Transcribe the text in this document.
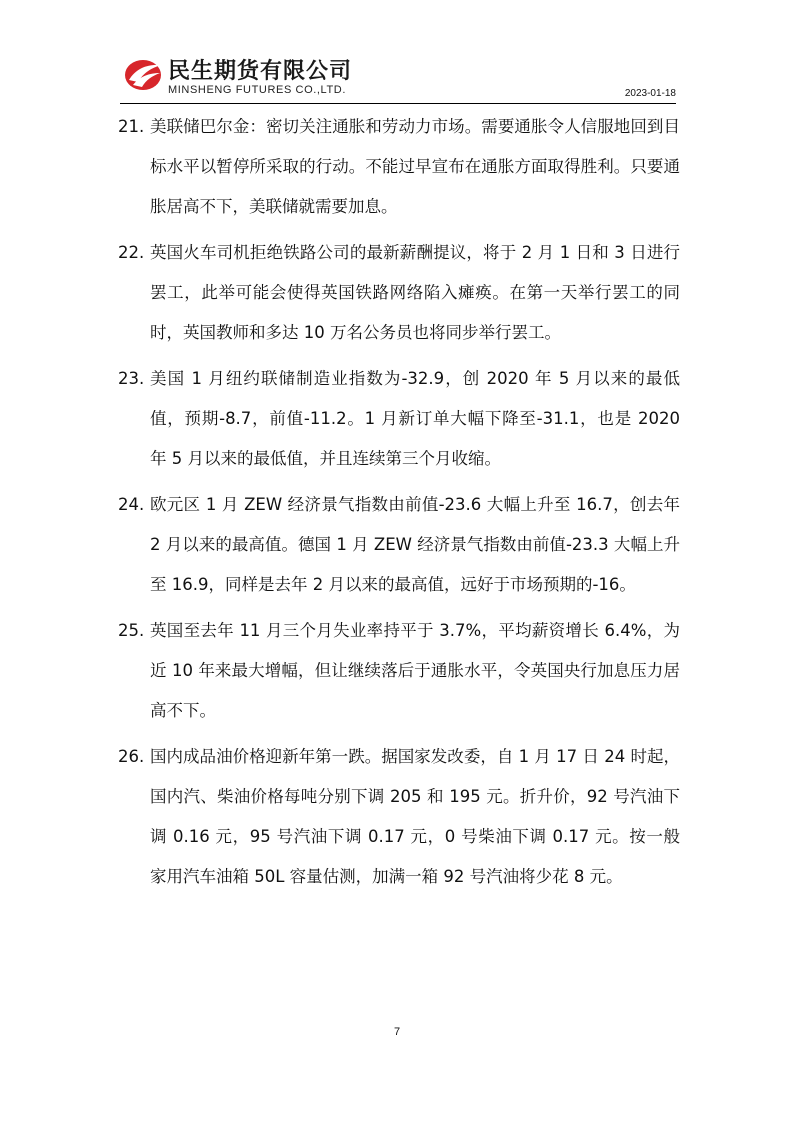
民生期货有限公司
MINSHENG FUTURES CO.,LTD.	2023-01-18
21. 美联储巴尔金：密切关注通胀和劳动力市场。需要通胀令人信服地回到目标水平以暂停所采取的行动。不能过早宣布在通胀方面取得胜利。只要通胀居高不下，美联储就需要加息。
22. 英国火车司机拒绝铁路公司的最新薪酬提议，将于 2 月 1 日和 3 日进行罢工，此举可能会使得英国铁路网络陷入瘫痪。在第一天举行罢工的同时，英国教师和多达 10 万名公务员也将同步举行罢工。
23. 美国 1 月纽约联储制造业指数为-32.9，创 2020 年 5 月以来的最低值，预期-8.7，前值-11.2。1 月新订单大幅下降至-31.1，也是 2020 年 5 月以来的最低值，并且连续第三个月收缩。
24. 欧元区 1 月 ZEW 经济景气指数由前值-23.6 大幅上升至 16.7，创去年 2 月以来的最高值。德国 1 月 ZEW 经济景气指数由前值-23.3 大幅上升至 16.9，同样是去年 2 月以来的最高值，远好于市场预期的-16。
25. 英国至去年 11 月三个月失业率持平于 3.7%，平均薪资增长 6.4%，为近 10 年来最大增幅，但让继续落后于通胀水平，令英国央行加息压力居高不下。
26. 国内成品油价格迎新年第一跌。据国家发改委，自 1 月 17 日 24 时起，国内汽、柴油价格每吨分别下调 205 和 195 元。折升价，92 号汽油下调 0.16 元，95 号汽油下调 0.17 元，0 号柴油下调 0.17 元。按一般家用汽车油箱 50L 容量估测，加满一箱 92 号汽油将少花 8 元。
7
